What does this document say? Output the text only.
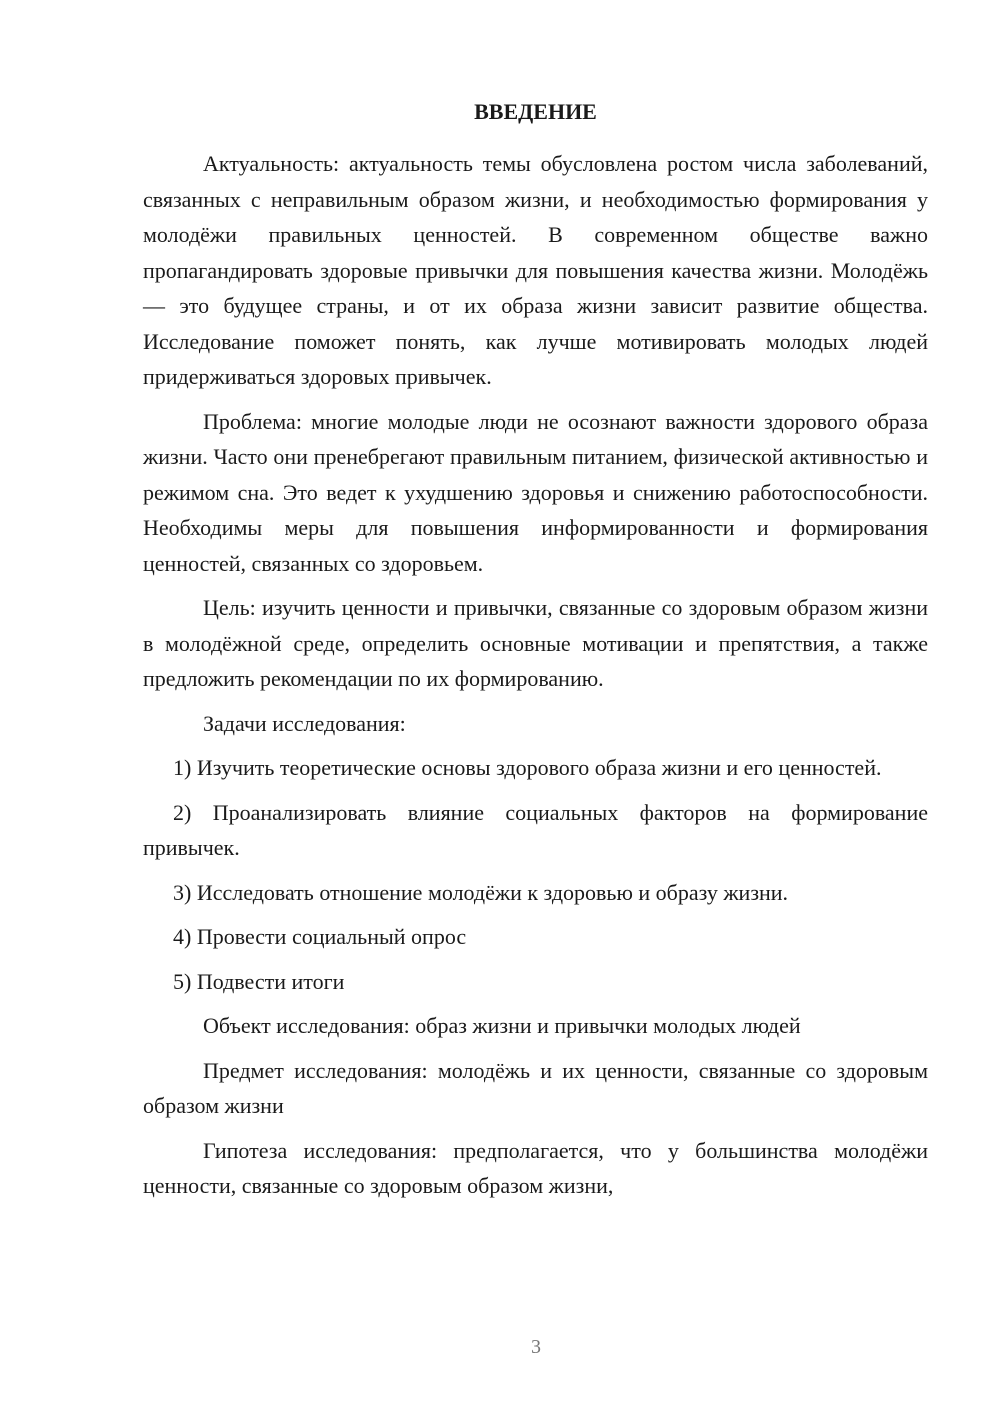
ВВЕДЕНИЕ

Актуальность: актуальность темы обусловлена ростом числа заболеваний, связанных с неправильным образом жизни, и необходимостью формирования у молодёжи правильных ценностей. В современном обществе важно пропагандировать здоровые привычки для повышения качества жизни. Молодёжь — это будущее страны, и от их образа жизни зависит развитие общества. Исследование поможет понять, как лучше мотивировать молодых людей придерживаться здоровых привычек.

Проблема: многие молодые люди не осознают важности здорового образа жизни. Часто они пренебрегают правильным питанием, физической активностью и режимом сна. Это ведет к ухудшению здоровья и снижению работоспособности. Необходимы меры для повышения информированности и формирования ценностей, связанных со здоровьем.

Цель: изучить ценности и привычки, связанные со здоровым образом жизни в молодёжной среде, определить основные мотивации и препятствия, а также предложить рекомендации по их формированию.

Задачи исследования:

1) Изучить теоретические основы здорового образа жизни и его ценностей.

2) Проанализировать влияние социальных факторов на формирование привычек.

3) Исследовать отношение молодёжи к здоровью и образу жизни.

4) Провести социальный опрос

5) Подвести итоги

Объект исследования: образ жизни и привычки молодых людей

Предмет исследования: молодёжь и их ценности, связанные со здоровым образом жизни

Гипотеза исследования: предполагается, что у большинства молодёжи ценности, связанные со здоровым образом жизни,

3
